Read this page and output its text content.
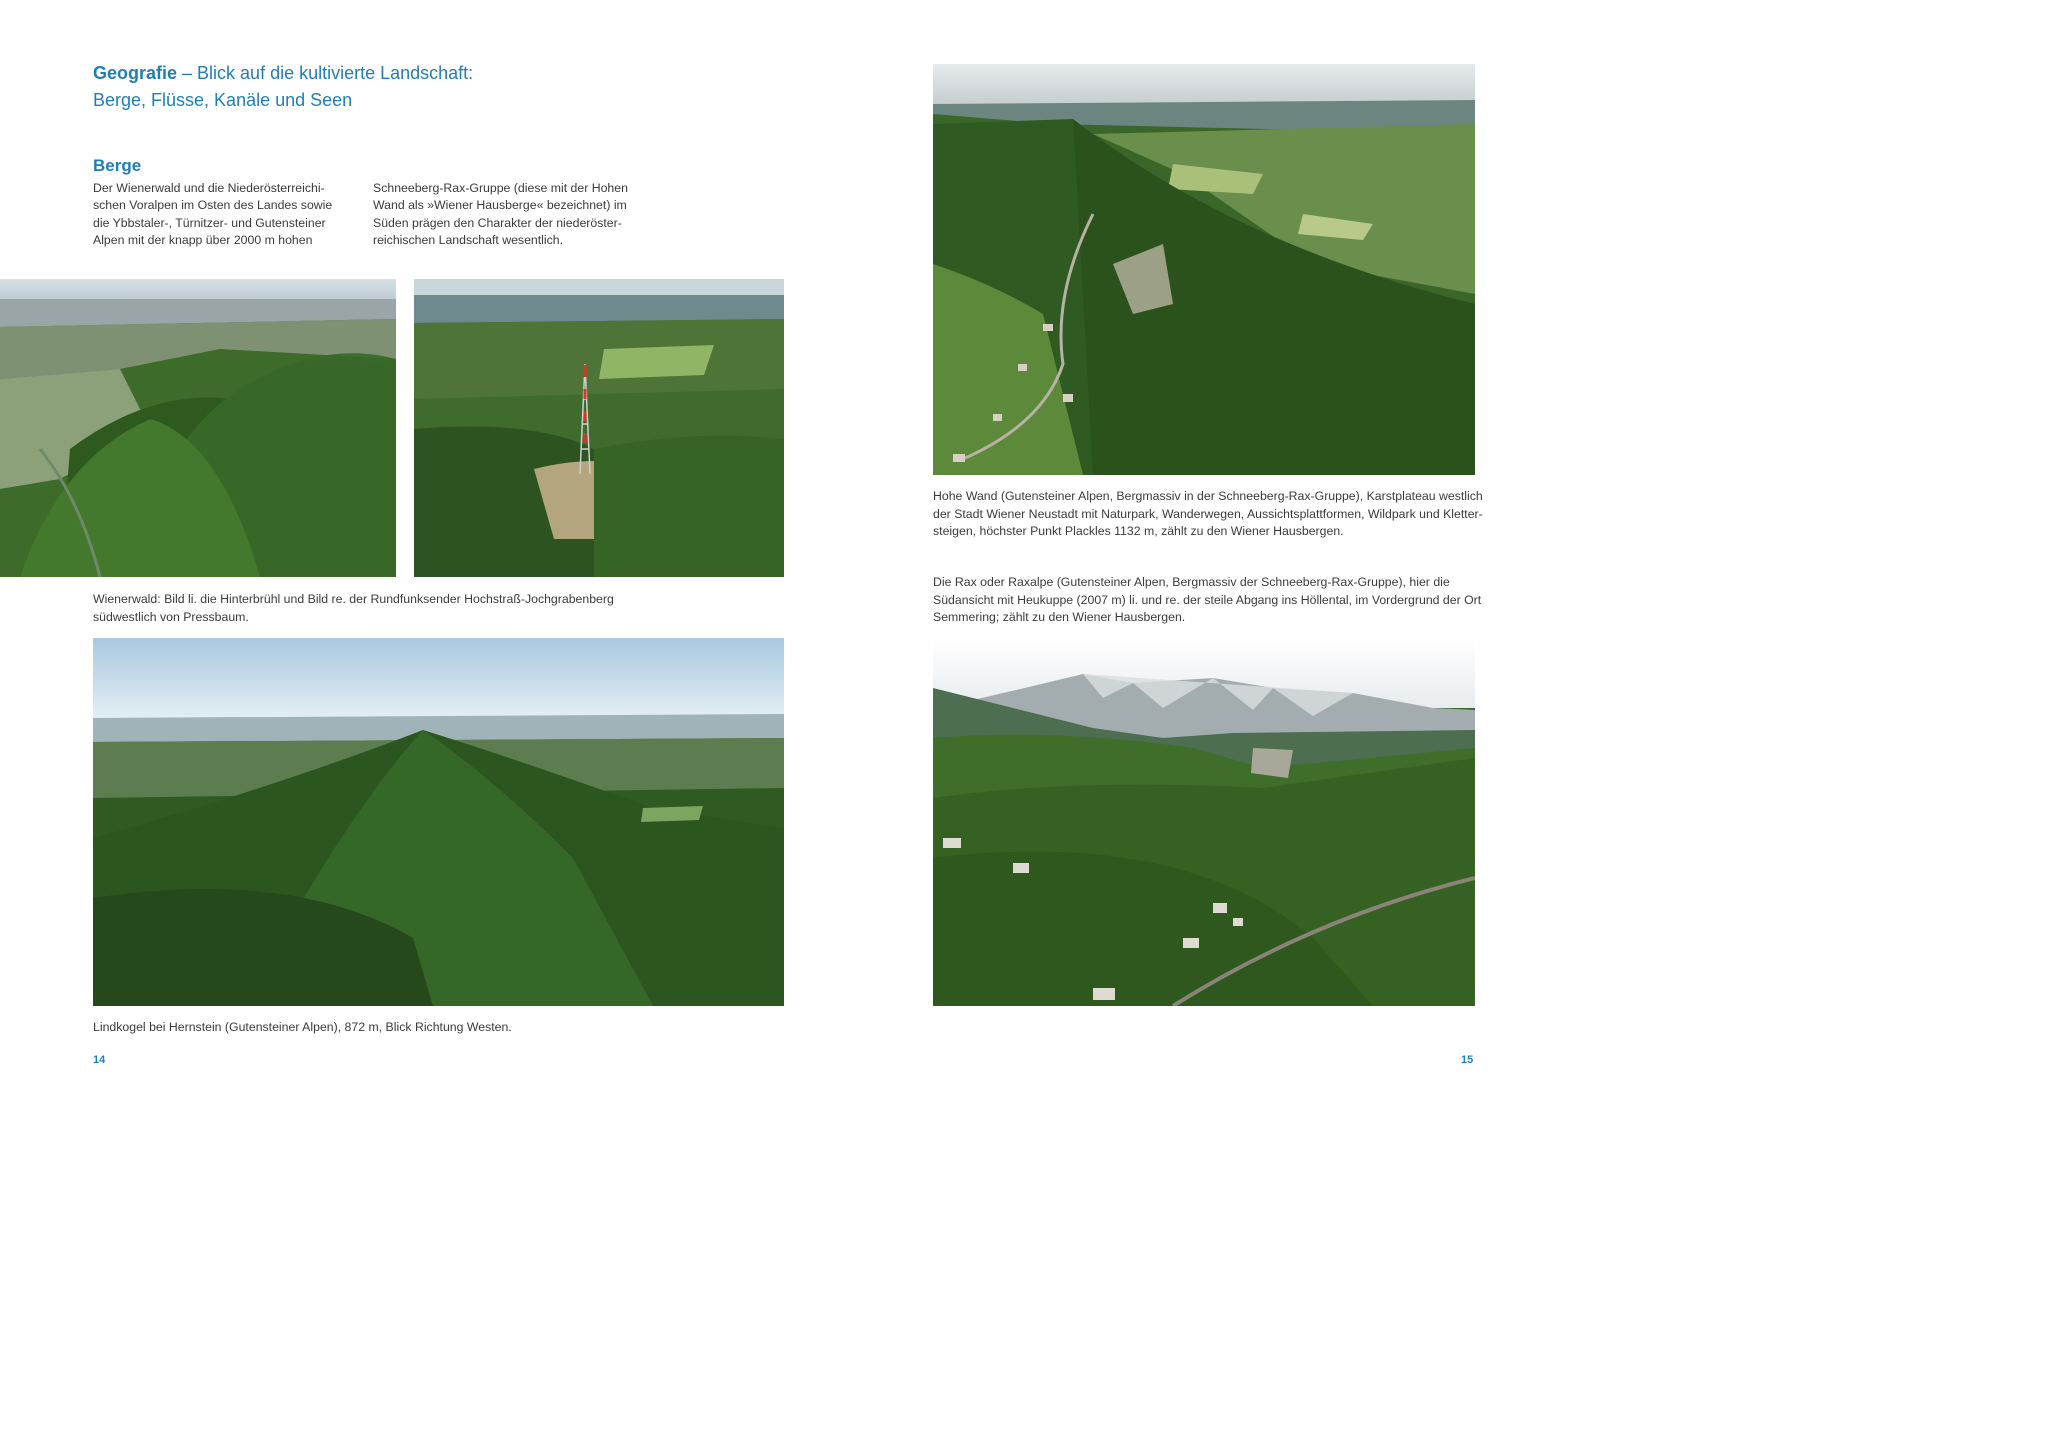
Geografie – Blick auf die kultivierte Landschaft:
Berge, Flüsse, Kanäle und Seen
Berge
Der Wienerwald und die Niederösterreichi-
schen Voralpen im Osten des Landes sowie
die Ybbstaler-, Türnitzer- und Gutensteiner
Alpen mit der knapp über 2000 m hohen
Schneeberg-Rax-Gruppe (diese mit der Hohen
Wand als »Wiener Hausberge« bezeichnet) im
Süden prägen den Charakter der niederöster-
reichischen Landschaft wesentlich.
Wienerwald: Bild li. die Hinterbrühl und Bild re. der Rundfunksender Hochstraß-Jochgrabenberg
südwestlich von Pressbaum.
Lindkogel bei Hernstein (Gutensteiner Alpen), 872 m, Blick Richtung Westen.
14	15
Hohe Wand (Gutensteiner Alpen, Bergmassiv in der Schneeberg-Rax-Gruppe), Karstplateau westlich
der Stadt Wiener Neustadt mit Naturpark, Wanderwegen, Aussichtsplattformen, Wildpark und Kletter-
steigen, höchster Punkt Plackles 1132 m, zählt zu den Wiener Hausbergen.
Die Rax oder Raxalpe (Gutensteiner Alpen, Bergmassiv der Schneeberg-Rax-Gruppe), hier die
Südansicht mit Heukuppe (2007 m) li. und re. der steile Abgang ins Höllental, im Vordergrund der Ort
Semmering; zählt zu den Wiener Hausbergen.
